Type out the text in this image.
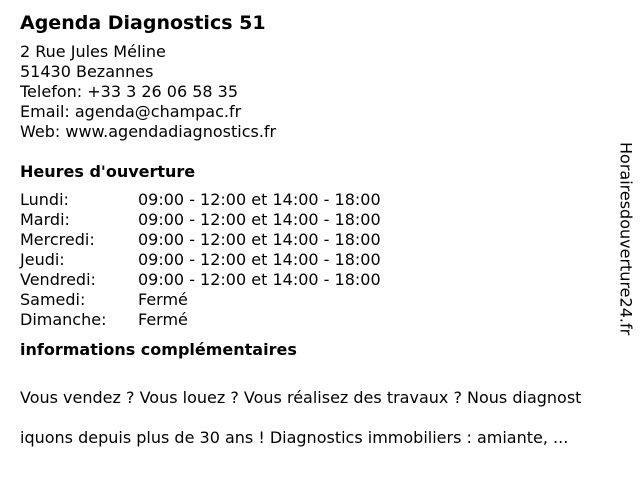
Agenda Diagnostics 51
2 Rue Jules Méline
51430 Bezannes
Telefon: +33 3 26 06 58 35
Email: agenda@champac.fr
Web: www.agendadiagnostics.fr
Heures d'ouverture
Lundi:	09:00 - 12:00 et 14:00 - 18:00
Mardi:	09:00 - 12:00 et 14:00 - 18:00
Mercredi:	09:00 - 12:00 et 14:00 - 18:00
Jeudi:	09:00 - 12:00 et 14:00 - 18:00
Vendredi:	09:00 - 12:00 et 14:00 - 18:00
Samedi:	Fermé
Dimanche:	Fermé
informations complémentaires

Vous vendez ? Vous louez ? Vous réalisez des travaux ? Nous diagnost

iquons depuis plus de 30 ans ! Diagnostics immobiliers : amiante, ...

Horairesdouverture24.fr
